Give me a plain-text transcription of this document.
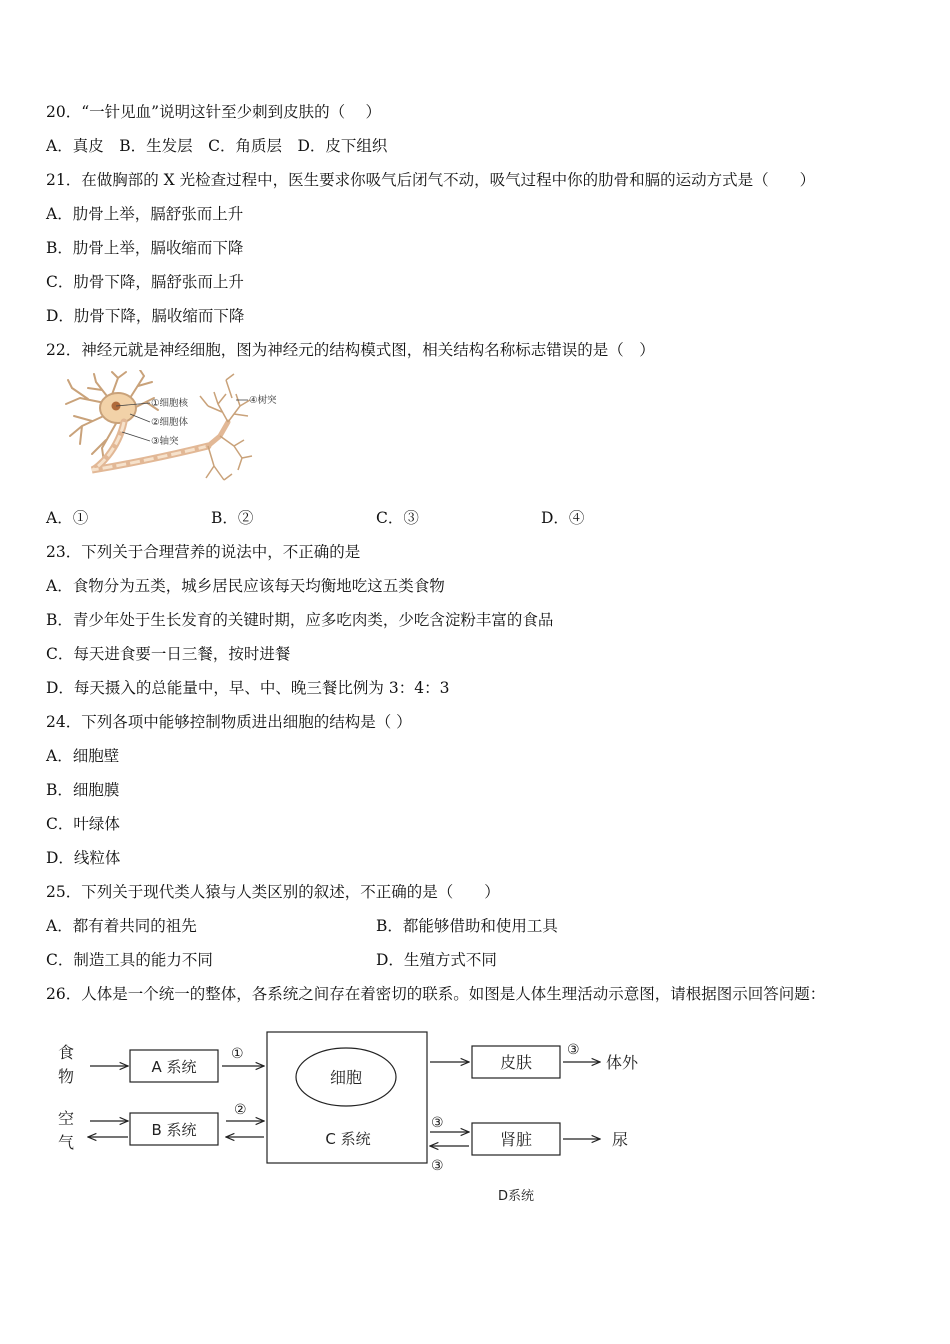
20．“一针见血”说明这针至少刺到皮肤的（　 ）
A．真皮　B．生发层　C．角质层　D．皮下组织
21．在做胸部的 X 光检查过程中，医生要求你吸气后闭气不动，吸气过程中你的肋骨和膈的运动方式是（　　）
A．肋骨上举，膈舒张而上升
B．肋骨上举，膈收缩而下降
C．肋骨下降，膈舒张而上升
D．肋骨下降，膈收缩而下降
22．神经元就是神经细胞，图为神经元的结构模式图，相关结构名称标志错误的是（　）
①细胞核
②细胞体
③轴突
④树突
A．①	B．②	C．③	D．④
23．下列关于合理营养的说法中，不正确的是
A．食物分为五类，城乡居民应该每天均衡地吃这五类食物
B．青少年处于生长发育的关键时期，应多吃肉类，少吃含淀粉丰富的食品
C．每天进食要一日三餐，按时进餐
D．每天摄入的总能量中，早、中、晚三餐比例为 3：4：3
24．下列各项中能够控制物质进出细胞的结构是（ ）
A．细胞壁
B．细胞膜
C．叶绿体
D．线粒体
25．下列关于现代类人猿与人类区别的叙述，不正确的是（　　）
A．都有着共同的祖先	B．都能够借助和使用工具
C．制造工具的能力不同	D．生殖方式不同
26．人体是一个统一的整体，各系统之间存在着密切的联系。如图是人体生理活动示意图，请根据图示回答问题：
食
物
空
气
A 系统
B 系统
细胞
C 系统
皮肤
肾脏
体外
尿
D系统
①
②
③
③
③
